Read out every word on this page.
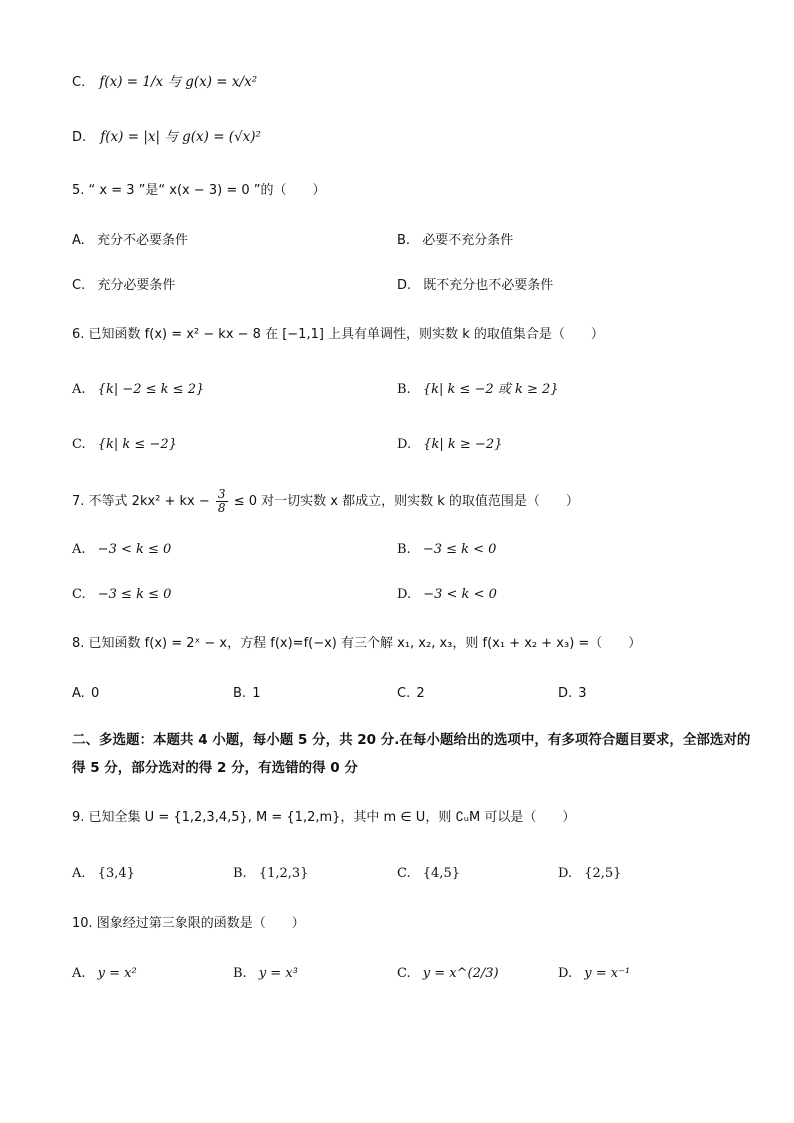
C. f(x) = 1/x 与 g(x) = x/x²
D. f(x) = |x| 与 g(x) = (√x)²
5. “ x = 3 ”是“ x(x − 3) = 0 ”的（　　）
A. 充分不必要条件	B. 必要不充分条件
C. 充分必要条件	D. 既不充分也不必要条件
6. 已知函数 f(x) = x² − kx − 8 在 [−1,1] 上具有单调性，则实数 k 的取值集合是（　　）
A. {k| −2 ≤ k ≤ 2}	B. {k| k ≤ −2 或 k ≥ 2}
C. {k| k ≤ −2}	D. {k| k ≥ −2}
7. 不等式 2kx² + kx − $\frac{3}{8} \le 0$ 对一切实数 x 都成立，则实数 k 的取值范围是（　　）
A. −3 < k ≤ 0	B. −3 ≤ k < 0
C. −3 ≤ k ≤ 0	D. −3 < k < 0
8. 已知函数 f(x) = 2ˣ − x，方程 f(x)=f(−x) 有三个解 x₁, x₂, x₃，则 f(x₁ + x₂ + x₃) =（　　）
A. 0	B. 1	C. 2	D. 3
二、多选题：本题共 4 小题，每小题 5 分，共 20 分.在每小题给出的选项中，有多项符合题目要求，全部选对的得 5 分，部分选对的得 2 分，有选错的得 0 分
9. 已知全集 U = {1,2,3,4,5}, M = {1,2,m}，其中 m ∈ U，则 ∁ᵤM 可以是（　　）
A. {3,4}	B. {1,2,3}	C. {4,5}	D. {2,5}
10. 图象经过第三象限的函数是（　　）
A. y = x²	B. y = x³	C. y = x^(2/3)	D. y = x⁻¹
